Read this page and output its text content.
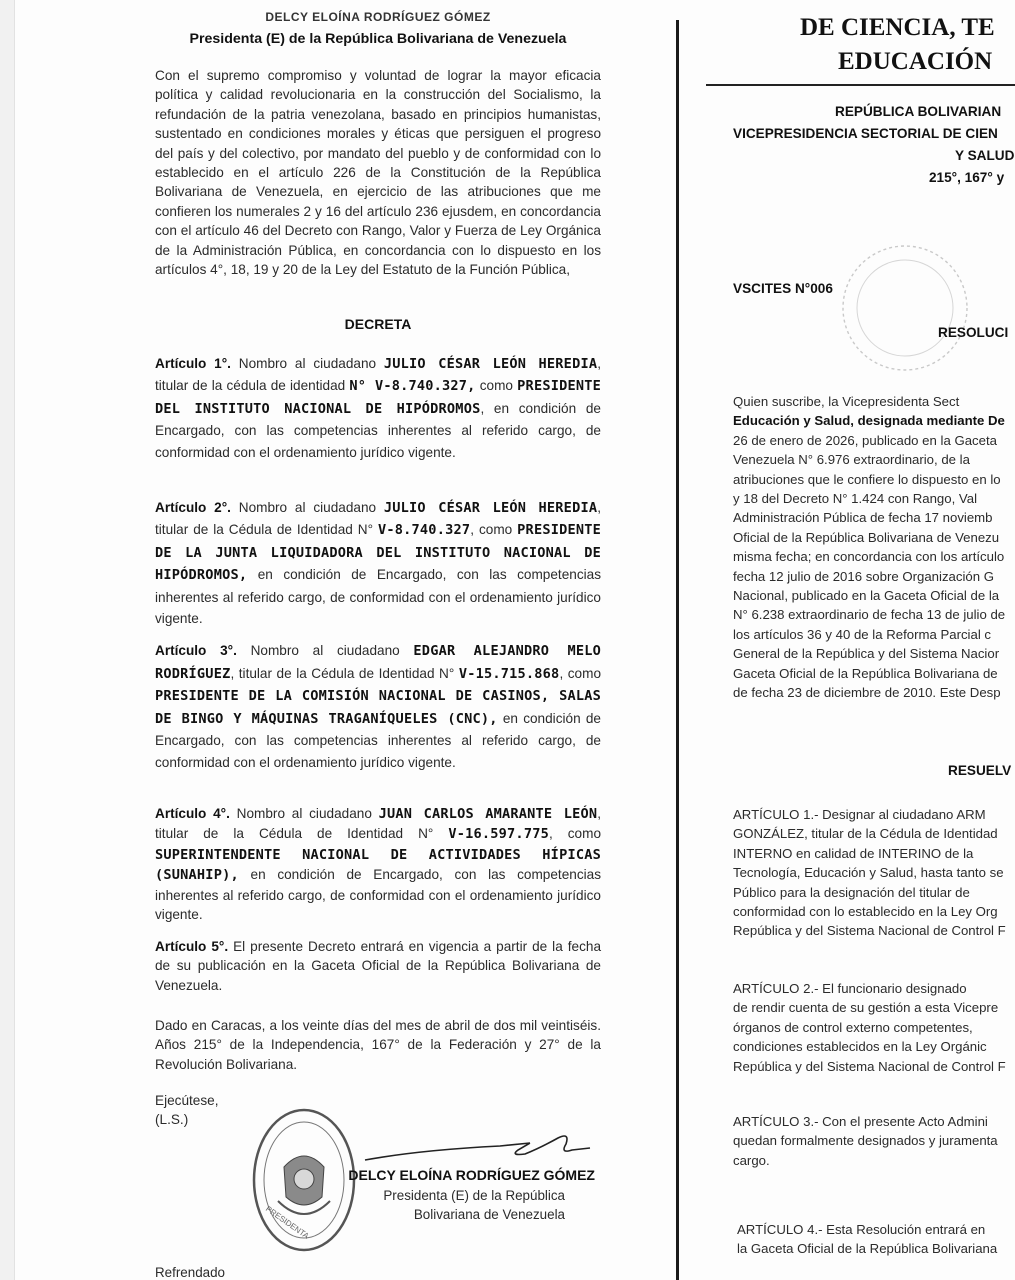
DELCY ELOÍNA RODRÍGUEZ GÓMEZ
Presidenta (E) de la República Bolivariana de Venezuela
Con el supremo compromiso y voluntad de lograr la mayor eficacia política y calidad revolucionaria en la construcción del Socialismo, la refundación de la patria venezolana, basado en principios humanistas, sustentado en condiciones morales y éticas que persiguen el progreso del país y del colectivo, por mandato del pueblo y de conformidad con lo establecido en el artículo 226 de la Constitución de la República Bolivariana de Venezuela, en ejercicio de las atribuciones que me confieren los numerales 2 y 16 del artículo 236 ejusdem, en concordancia con el artículo 46 del Decreto con Rango, Valor y Fuerza de Ley Orgánica de la Administración Pública, en concordancia con lo dispuesto en los artículos 4°, 18, 19 y 20 de la Ley del Estatuto de la Función Pública,
DECRETA
Artículo 1°. Nombro al ciudadano JULIO CÉSAR LEÓN HEREDIA, titular de la cédula de identidad N° V-8.740.327, como PRESIDENTE DEL INSTITUTO NACIONAL DE HIPÓDROMOS, en condición de Encargado, con las competencias inherentes al referido cargo, de conformidad con el ordenamiento jurídico vigente.
Artículo 2°. Nombro al ciudadano JULIO CÉSAR LEÓN HEREDIA, titular de la Cédula de Identidad N° V-8.740.327, como PRESIDENTE DE LA JUNTA LIQUIDADORA DEL INSTITUTO NACIONAL DE HIPÓDROMOS, en condición de Encargado, con las competencias inherentes al referido cargo, de conformidad con el ordenamiento jurídico vigente.
Artículo 3°. Nombro al ciudadano EDGAR ALEJANDRO MELO RODRÍGUEZ, titular de la Cédula de Identidad N° V-15.715.868, como PRESIDENTE DE LA COMISIÓN NACIONAL DE CASINOS, SALAS DE BINGO Y MÁQUINAS TRAGANÍQUELES (CNC), en condición de Encargado, con las competencias inherentes al referido cargo, de conformidad con el ordenamiento jurídico vigente.
Artículo 4°. Nombro al ciudadano JUAN CARLOS AMARANTE LEÓN, titular de la Cédula de Identidad N° V-16.597.775, como SUPERINTENDENTE NACIONAL DE ACTIVIDADES HÍPICAS (SUNAHIP), en condición de Encargado, con las competencias inherentes al referido cargo, de conformidad con el ordenamiento jurídico vigente.
Artículo 5°. El presente Decreto entrará en vigencia a partir de la fecha de su publicación en la Gaceta Oficial de la República Bolivariana de Venezuela.
Dado en Caracas, a los veinte días del mes de abril de dos mil veintiséis. Años 215° de la Independencia, 167° de la Federación y 27° de la Revolución Bolivariana.
Ejecútese,
(L.S.)
PRESIDENTA
DELCY ELOÍNA RODRÍGUEZ GÓMEZ
Presidenta (E) de la República
Bolivariana de Venezuela
Refrendado
DE CIENCIA, TE
EDUCACIÓN
REPÚBLICA BOLIVARIAN
VICEPRESIDENCIA SECTORIAL DE CIEN
Y SALUD
215°, 167° y
VSCITES N°006
RESOLUCI
Quien suscribe, la Vicepresidenta Sect
Educación y Salud, designada mediante De
26 de enero de 2026, publicado en la Gaceta
Venezuela N° 6.976 extraordinario, de la
atribuciones que le confiere lo dispuesto en lo
y 18 del Decreto N° 1.424 con Rango, Val
Administración Pública de fecha 17 noviemb
Oficial de la República Bolivariana de Venezu
misma fecha; en concordancia con los artículo
fecha 12 julio de 2016 sobre Organización G
Nacional, publicado en la Gaceta Oficial de la
N° 6.238 extraordinario de fecha 13 de julio de
los artículos 36 y 40 de la Reforma Parcial c
General de la República y del Sistema Nacior
Gaceta Oficial de la República Bolivariana de
de fecha 23 de diciembre de 2010. Este Desp
RESUELV
ARTÍCULO 1.- Designar al ciudadano ARM
GONZÁLEZ, titular de la Cédula de Identidad
INTERNO en calidad de INTERINO de la
Tecnología, Educación y Salud, hasta tanto se
Público para la designación del titular de
conformidad con lo establecido en la Ley Org
República y del Sistema Nacional de Control F
ARTÍCULO 2.- El funcionario designado
de rendir cuenta de su gestión a esta Vicepre
órganos de control externo competentes,
condiciones establecidos en la Ley Orgánic
República y del Sistema Nacional de Control F
ARTÍCULO 3.- Con el presente Acto Admini
quedan formalmente designados y juramenta
cargo.
ARTÍCULO 4.- Esta Resolución entrará en
la Gaceta Oficial de la República Bolivariana
